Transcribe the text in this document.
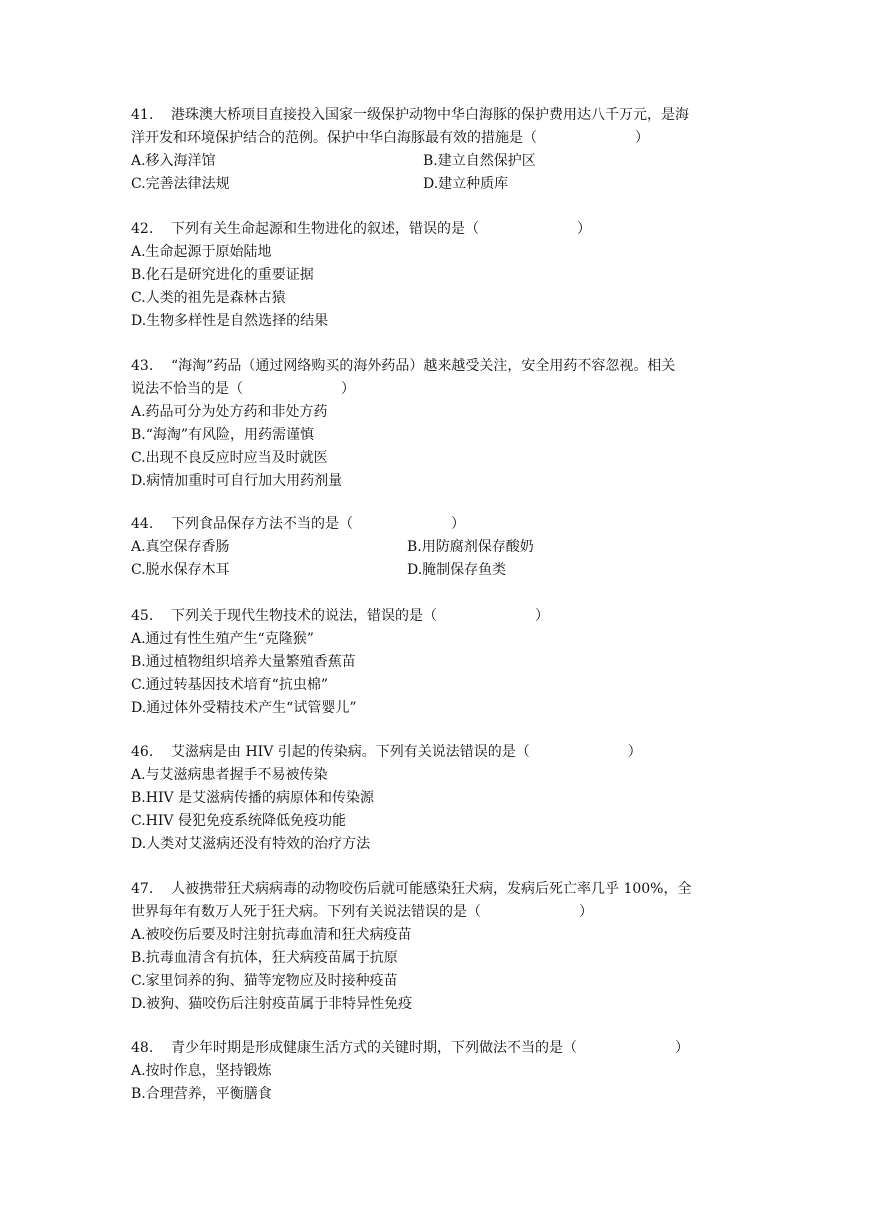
41. 港珠澳大桥项目直接投入国家一级保护动物中华白海豚的保护费用达八千万元，是海
洋开发和环境保护结合的范例。保护中华白海豚最有效的措施是（　　　　　　　）
A.移入海洋馆	B.建立自然保护区
C.完善法律法规	D.建立种质库
42. 下列有关生命起源和生物进化的叙述，错误的是（　　　　　　　）
A.生命起源于原始陆地
B.化石是研究进化的重要证据
C.人类的祖先是森林古猿
D.生物多样性是自然选择的结果
43. “海淘”药品（通过网络购买的海外药品）越来越受关注，安全用药不容忽视。相关
说法不恰当的是（　　　　　　　）
A.药品可分为处方药和非处方药
B.“海淘”有风险，用药需谨慎
C.出现不良反应时应当及时就医
D.病情加重时可自行加大用药剂量
44. 下列食品保存方法不当的是（　　　　　　　）
A.真空保存香肠	B.用防腐剂保存酸奶
C.脱水保存木耳	D.腌制保存鱼类
45. 下列关于现代生物技术的说法，错误的是（　　　　　　　）
A.通过有性生殖产生“克隆猴”
B.通过植物组织培养大量繁殖香蕉苗
C.通过转基因技术培育“抗虫棉”
D.通过体外受精技术产生“试管婴儿”
46. 艾滋病是由 HIV 引起的传染病。下列有关说法错误的是（　　　　　　　）
A.与艾滋病患者握手不易被传染
B.HIV 是艾滋病传播的病原体和传染源
C.HIV 侵犯免疫系统降低免疫功能
D.人类对艾滋病还没有特效的治疗方法
47. 人被携带狂犬病病毒的动物咬伤后就可能感染狂犬病，发病后死亡率几乎 100%，全
世界每年有数万人死于狂犬病。下列有关说法错误的是（　　　　　　　）
A.被咬伤后要及时注射抗毒血清和狂犬病疫苗
B.抗毒血清含有抗体，狂犬病疫苗属于抗原
C.家里饲养的狗、猫等宠物应及时接种疫苗
D.被狗、猫咬伤后注射疫苗属于非特异性免疫
48. 青少年时期是形成健康生活方式的关键时期，下列做法不当的是（　　　　　　　）
A.按时作息，坚持锻炼
B.合理营养，平衡膳食
